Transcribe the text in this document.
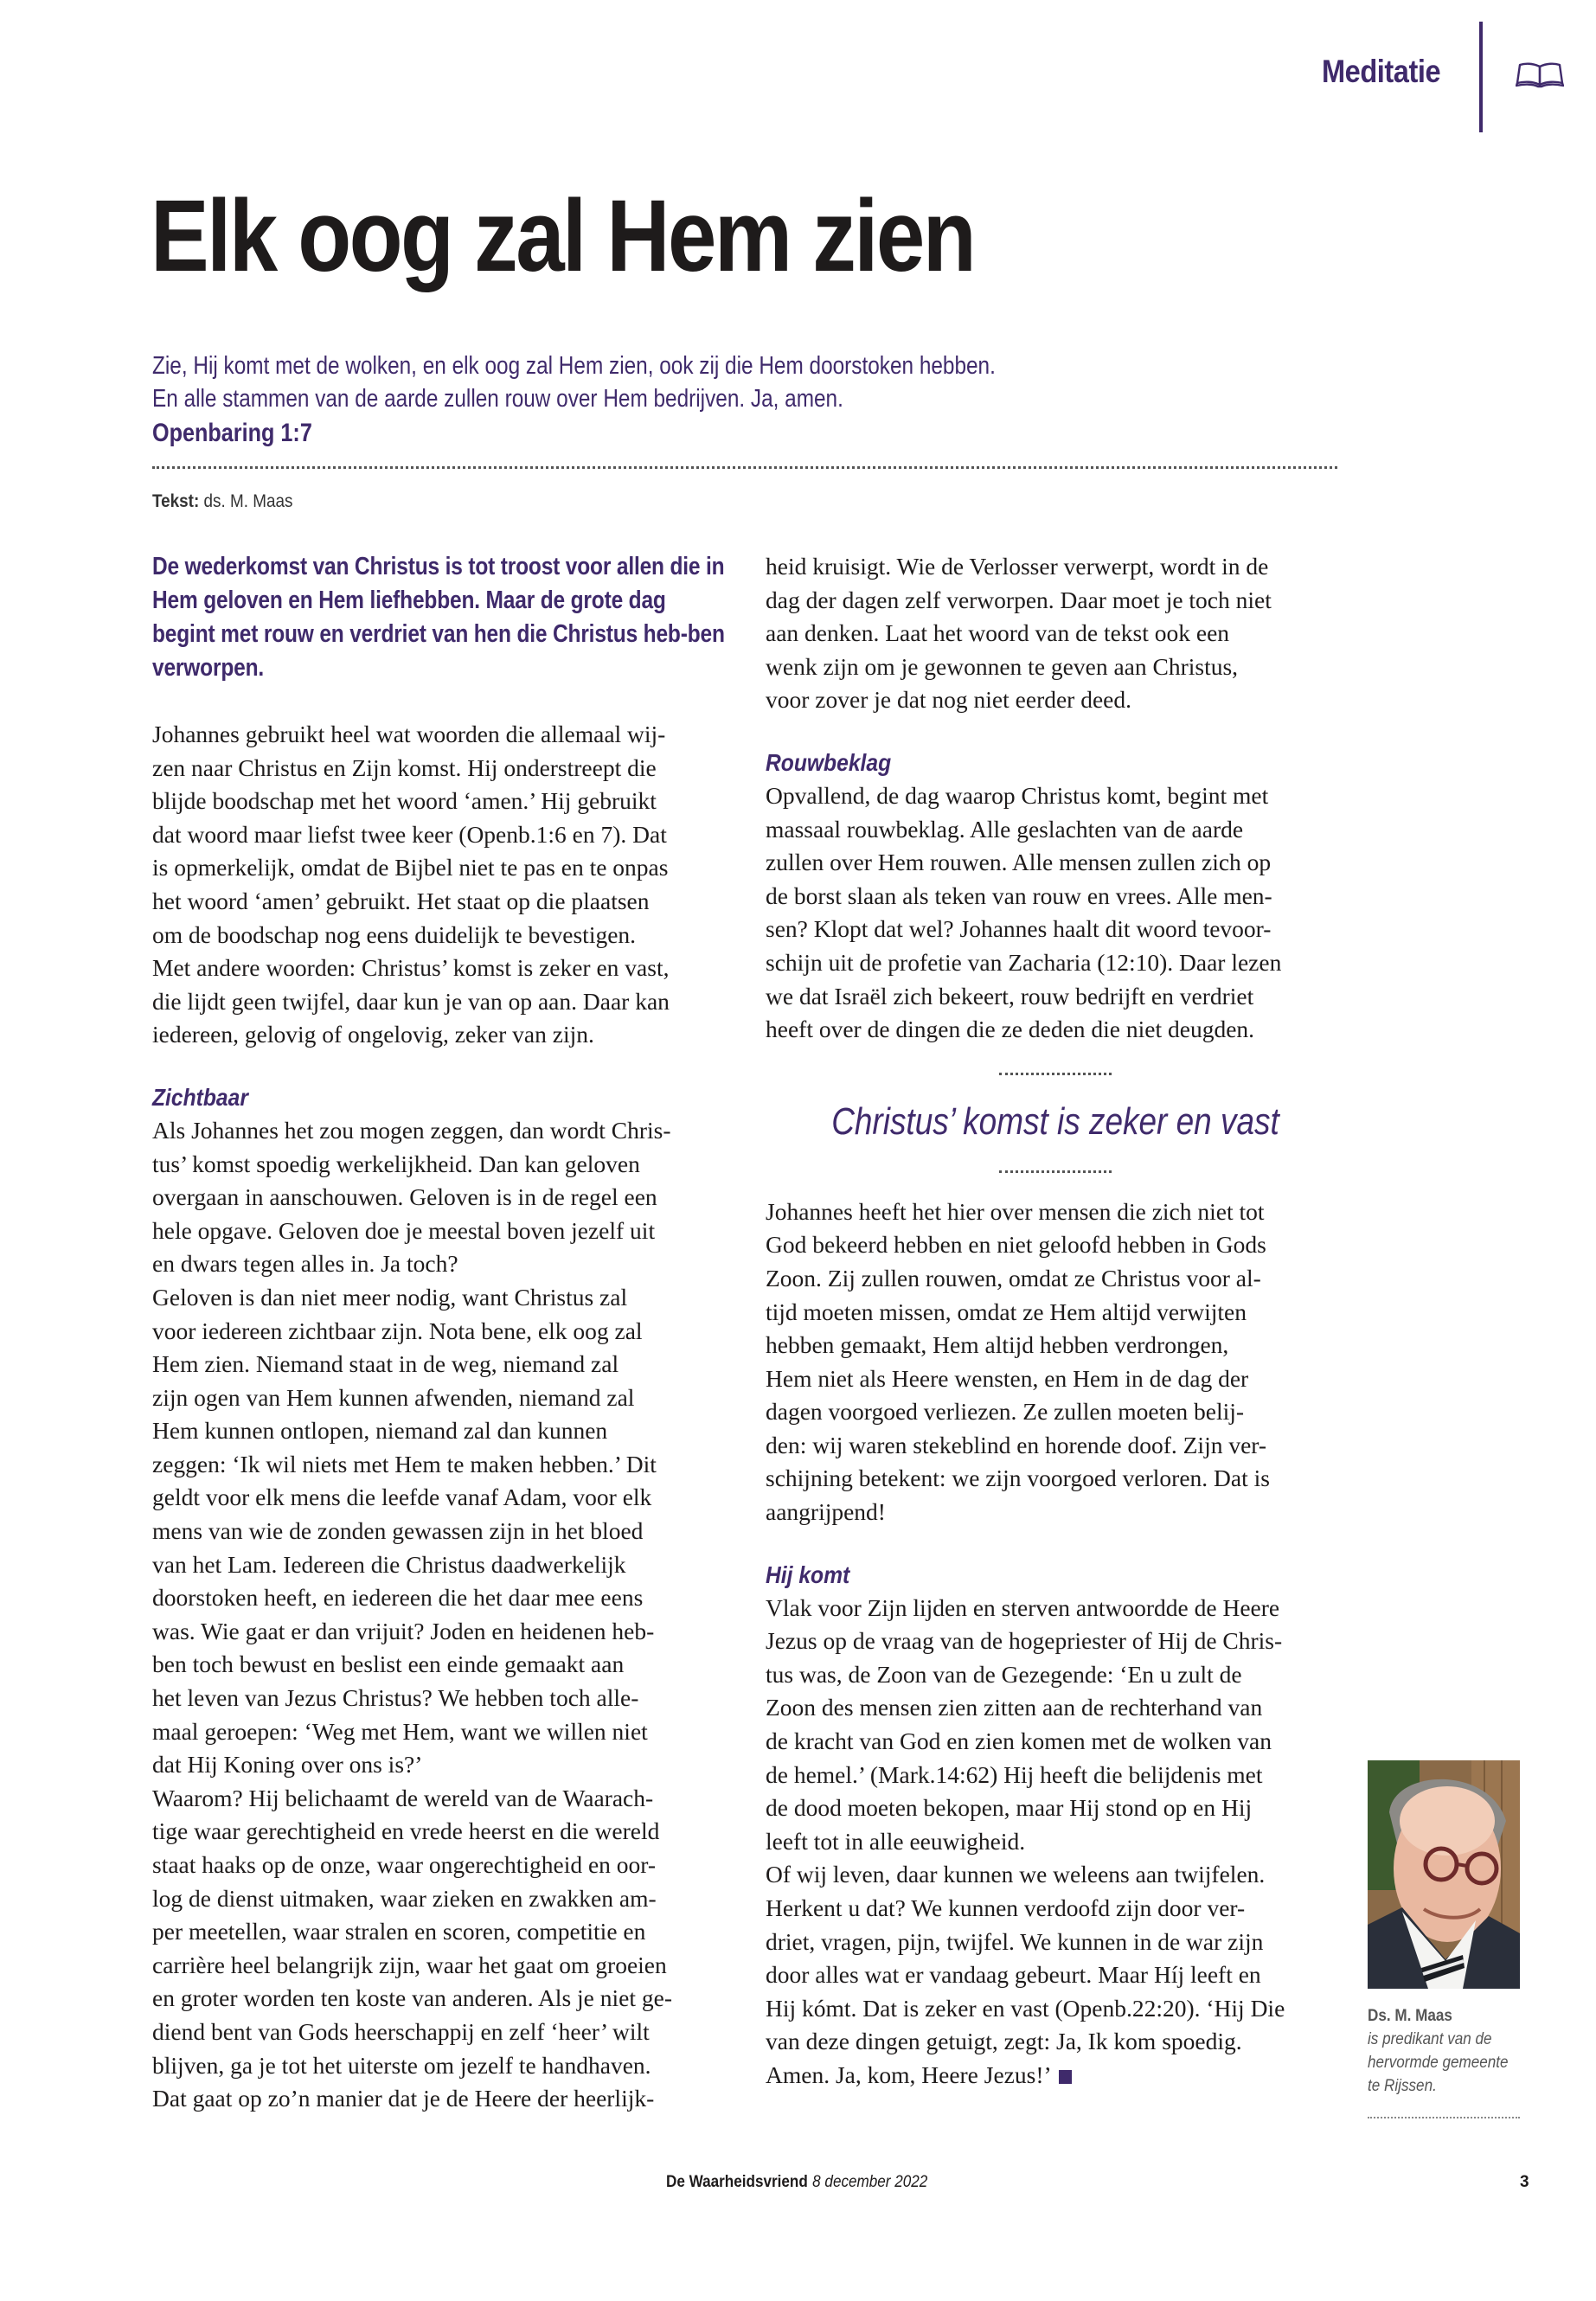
Meditatie
Elk oog zal Hem zien
Zie, Hij komt met de wolken, en elk oog zal Hem zien, ook zij die Hem doorstoken hebben.
En alle stammen van de aarde zullen rouw over Hem bedrijven. Ja, amen.
Openbaring 1:7
Tekst: ds. M. Maas

De wederkomst van Christus is tot troost voor allen die in Hem geloven en Hem liefhebben. Maar de grote dag begint met rouw en verdriet van hen die Christus heb-ben verworpen.

Johannes gebruikt heel wat woorden die allemaal wij-
zen naar Christus en Zijn komst. Hij onderstreept die
blijde boodschap met het woord ‘amen.’ Hij gebruikt
dat woord maar liefst twee keer (Openb.1:6 en 7). Dat
is opmerkelijk, omdat de Bijbel niet te pas en te onpas
het woord ‘amen’ gebruikt. Het staat op die plaatsen
om de boodschap nog eens duidelijk te bevestigen.
Met andere woorden: Christus’ komst is zeker en vast,
die lijdt geen twijfel, daar kun je van op aan. Daar kan
iedereen, gelovig of ongelovig, zeker van zijn.

Zichtbaar

Als Johannes het zou mogen zeggen, dan wordt Chris-
tus’ komst spoedig werkelijkheid. Dan kan geloven
overgaan in aanschouwen. Geloven is in de regel een
hele opgave. Geloven doe je meestal boven jezelf uit
en dwars tegen alles in. Ja toch?
Geloven is dan niet meer nodig, want Christus zal
voor iedereen zichtbaar zijn. Nota bene, elk oog zal
Hem zien. Niemand staat in de weg, niemand zal
zijn ogen van Hem kunnen afwenden, niemand zal
Hem kunnen ontlopen, niemand zal dan kunnen
zeggen: ‘Ik wil niets met Hem te maken hebben.’ Dit
geldt voor elk mens die leefde vanaf Adam, voor elk
mens van wie de zonden gewassen zijn in het bloed
van het Lam. Iedereen die Christus daadwerkelijk
doorstoken heeft, en iedereen die het daar mee eens
was. Wie gaat er dan vrijuit? Joden en heidenen heb-
ben toch bewust en beslist een einde gemaakt aan
het leven van Jezus Christus? We hebben toch alle-
maal geroepen: ‘Weg met Hem, want we willen niet
dat Hij Koning over ons is?’
Waarom? Hij belichaamt de wereld van de Waarach-
tige waar gerechtigheid en vrede heerst en die wereld
staat haaks op de onze, waar ongerechtigheid en oor-
log de dienst uitmaken, waar zieken en zwakken am-
per meetellen, waar stralen en scoren, competitie en
carrière heel belangrijk zijn, waar het gaat om groeien
en groter worden ten koste van anderen. Als je niet ge-
diend bent van Gods heerschappij en zelf ‘heer’ wilt
blijven, ga je tot het uiterste om jezelf te handhaven.
Dat gaat op zo’n manier dat je de Heere der heerlijk-

heid kruisigt. Wie de Verlosser verwerpt, wordt in de
dag der dagen zelf verworpen. Daar moet je toch niet
aan denken. Laat het woord van de tekst ook een
wenk zijn om je gewonnen te geven aan Christus,
voor zover je dat nog niet eerder deed.

Rouwbeklag

Opvallend, de dag waarop Christus komt, begint met
massaal rouwbeklag. Alle geslachten van de aarde
zullen over Hem rouwen. Alle mensen zullen zich op
de borst slaan als teken van rouw en vrees. Alle men-
sen? Klopt dat wel? Johannes haalt dit woord tevoor-
schijn uit de profetie van Zacharia (12:10). Daar lezen
we dat Israël zich bekeert, rouw bedrijft en verdriet
heeft over de dingen die ze deden die niet deugden.

Christus’ komst is zeker en vast

Johannes heeft het hier over mensen die zich niet tot
God bekeerd hebben en niet geloofd hebben in Gods
Zoon. Zij zullen rouwen, omdat ze Christus voor al-
tijd moeten missen, omdat ze Hem altijd verwijten
hebben gemaakt, Hem altijd hebben verdrongen,
Hem niet als Heere wensten, en Hem in de dag der
dagen voorgoed verliezen. Ze zullen moeten belij-
den: wij waren stekeblind en horende doof. Zijn ver-
schijning betekent: we zijn voorgoed verloren. Dat is
aangrijpend!

Hij komt

Vlak voor Zijn lijden en sterven antwoordde de Heere
Jezus op de vraag van de hogepriester of Hij de Chris-
tus was, de Zoon van de Gezegende: ‘En u zult de
Zoon des mensen zien zitten aan de rechterhand van
de kracht van God en zien komen met de wolken van
de hemel.’ (Mark.14:62) Hij heeft die belijdenis met
de dood moeten bekopen, maar Hij stond op en Hij
leeft tot in alle eeuwigheid.
Of wij leven, daar kunnen we weleens aan twijfelen.
Herkent u dat? We kunnen verdoofd zijn door ver-
driet, vragen, pijn, twijfel. We kunnen in de war zijn
door alles wat er vandaag gebeurt. Maar Híj leeft en
Hij kómt. Dat is zeker en vast (Openb.22:20). ‘Hij Die
van deze dingen getuigt, zegt: Ja, Ik kom spoedig.
Amen. Ja, kom, Heere Jezus!’

Ds. M. Maas
is predikant van de
hervormde gemeente
te Rijssen.
De Waarheidsvriend 8 december 2022	3
